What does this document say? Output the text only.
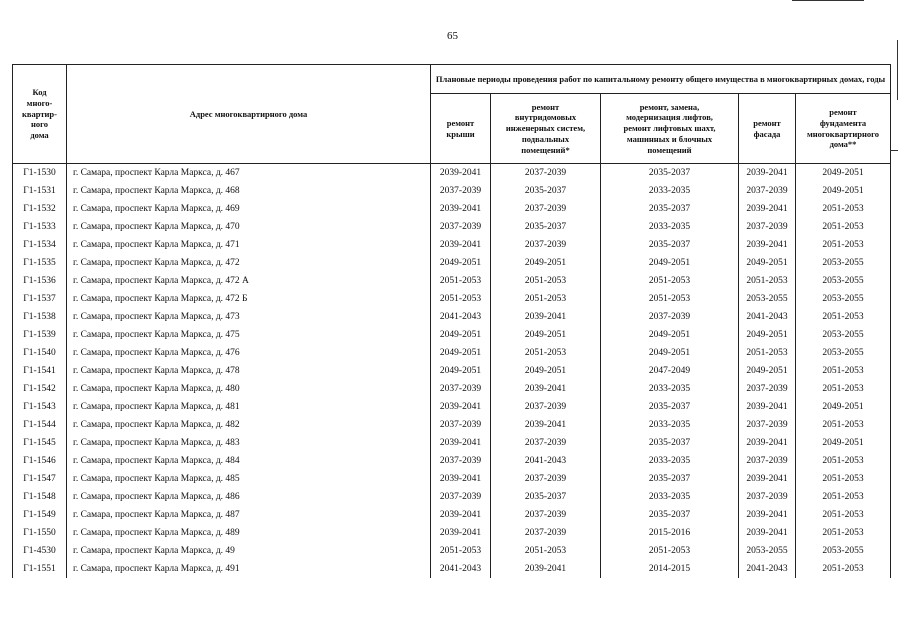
65
Код
много-
квартир-
ного
дома	Адрес многоквартирного дома	Плановые периоды проведения работ по капитальному ремонту общего имущества в многоквартирных домах, годы				
		ремонт
крыши	ремонт
внутридомовых
инженерных систем,
подвальных
помещений*	ремонт, замена,
модернизация лифтов,
ремонт лифтовых шахт,
машинных и блочных
помещений	ремонт
фасада	ремонт
фундамента
многоквартирного
дома**
Г1-1530	г. Самара, проспект Карла Маркса, д. 467	2039-2041	2037-2039	2035-2037	2039-2041	2049-2051
Г1-1531	г. Самара, проспект Карла Маркса, д. 468	2037-2039	2035-2037	2033-2035	2037-2039	2049-2051
Г1-1532	г. Самара, проспект Карла Маркса, д. 469	2039-2041	2037-2039	2035-2037	2039-2041	2051-2053
Г1-1533	г. Самара, проспект Карла Маркса, д. 470	2037-2039	2035-2037	2033-2035	2037-2039	2051-2053
Г1-1534	г. Самара, проспект Карла Маркса, д. 471	2039-2041	2037-2039	2035-2037	2039-2041	2051-2053
Г1-1535	г. Самара, проспект Карла Маркса, д. 472	2049-2051	2049-2051	2049-2051	2049-2051	2053-2055
Г1-1536	г. Самара, проспект Карла Маркса, д. 472 А	2051-2053	2051-2053	2051-2053	2051-2053	2053-2055
Г1-1537	г. Самара, проспект Карла Маркса, д. 472 Б	2051-2053	2051-2053	2051-2053	2053-2055	2053-2055
Г1-1538	г. Самара, проспект Карла Маркса, д. 473	2041-2043	2039-2041	2037-2039	2041-2043	2051-2053
Г1-1539	г. Самара, проспект Карла Маркса, д. 475	2049-2051	2049-2051	2049-2051	2049-2051	2053-2055
Г1-1540	г. Самара, проспект Карла Маркса, д. 476	2049-2051	2051-2053	2049-2051	2051-2053	2053-2055
Г1-1541	г. Самара, проспект Карла Маркса, д. 478	2049-2051	2049-2051	2047-2049	2049-2051	2051-2053
Г1-1542	г. Самара, проспект Карла Маркса, д. 480	2037-2039	2039-2041	2033-2035	2037-2039	2051-2053
Г1-1543	г. Самара, проспект Карла Маркса, д. 481	2039-2041	2037-2039	2035-2037	2039-2041	2049-2051
Г1-1544	г. Самара, проспект Карла Маркса, д. 482	2037-2039	2039-2041	2033-2035	2037-2039	2051-2053
Г1-1545	г. Самара, проспект Карла Маркса, д. 483	2039-2041	2037-2039	2035-2037	2039-2041	2049-2051
Г1-1546	г. Самара, проспект Карла Маркса, д. 484	2037-2039	2041-2043	2033-2035	2037-2039	2051-2053
Г1-1547	г. Самара, проспект Карла Маркса, д. 485	2039-2041	2037-2039	2035-2037	2039-2041	2051-2053
Г1-1548	г. Самара, проспект Карла Маркса, д. 486	2037-2039	2035-2037	2033-2035	2037-2039	2051-2053
Г1-1549	г. Самара, проспект Карла Маркса, д. 487	2039-2041	2037-2039	2035-2037	2039-2041	2051-2053
Г1-1550	г. Самара, проспект Карла Маркса, д. 489	2039-2041	2037-2039	2015-2016	2039-2041	2051-2053
Г1-4530	г. Самара, проспект Карла Маркса, д. 49	2051-2053	2051-2053	2051-2053	2053-2055	2053-2055
Г1-1551	г. Самара, проспект Карла Маркса, д. 491	2041-2043	2039-2041	2014-2015	2041-2043	2051-2053
